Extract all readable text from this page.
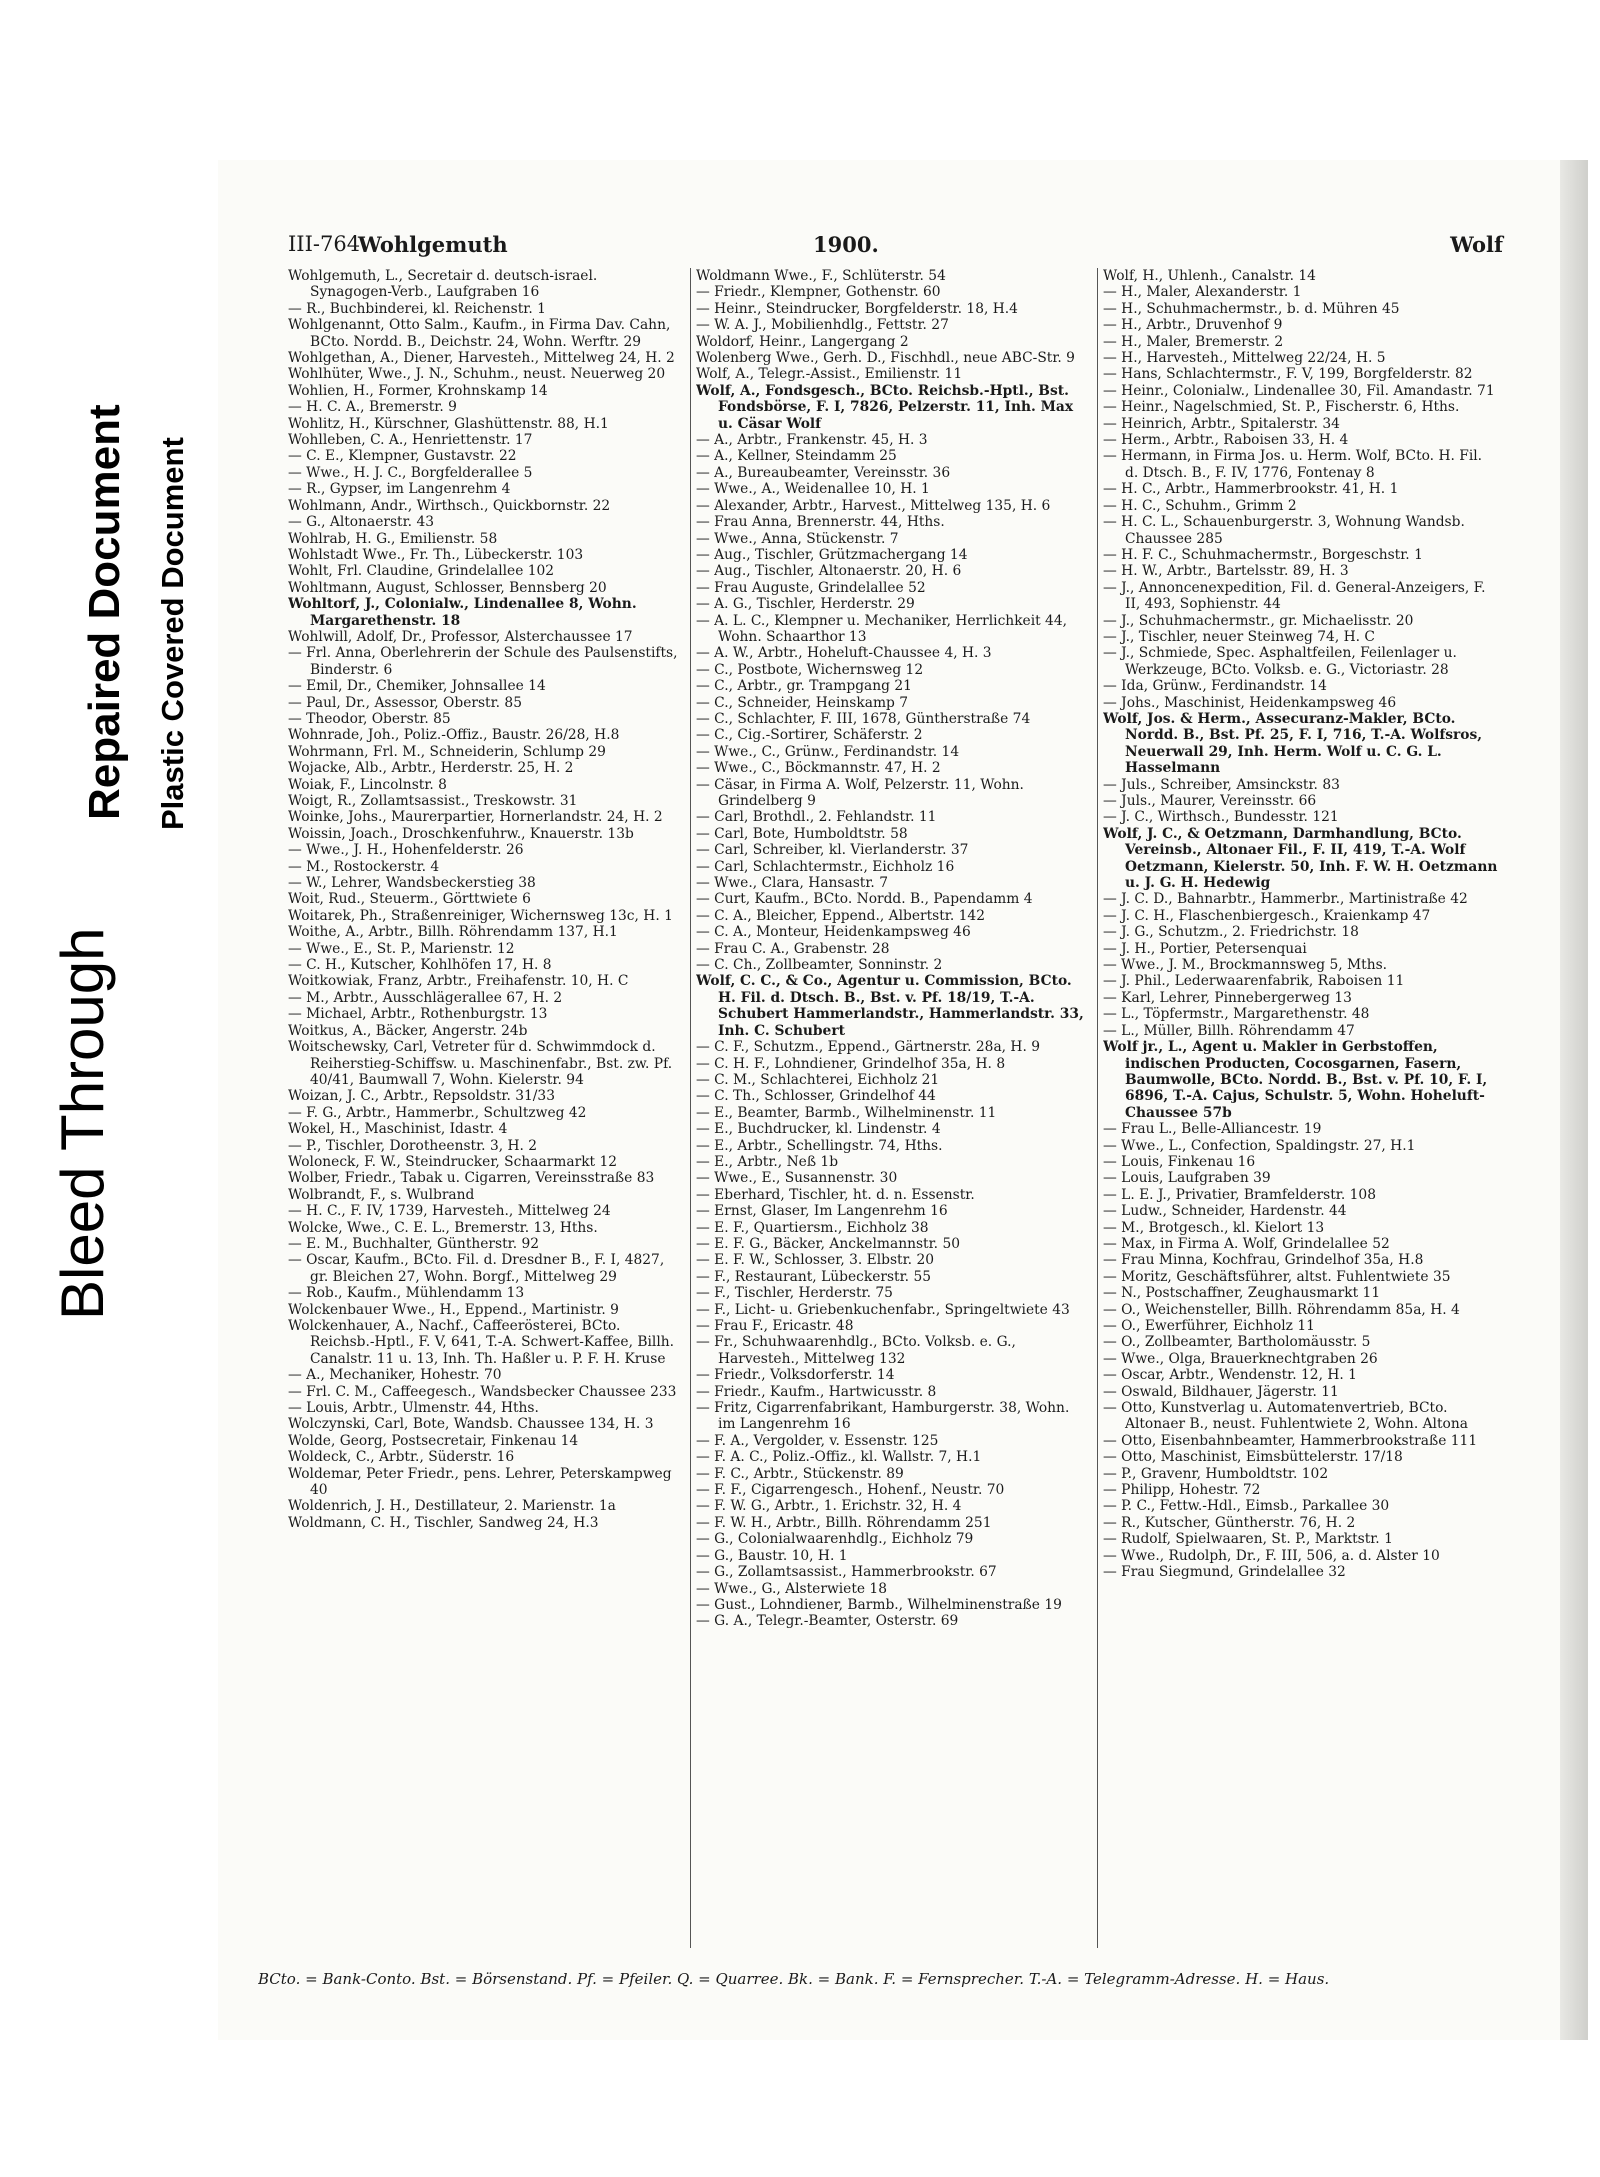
Bleed Through
Repaired Document Plastic Covered Document
III-764
Wohlgemuth	1900.	Wolf

Wohlgemuth, L., Secretair d. deutsch-israel. Synagogen-Verb., Laufgraben 16

— R., Buchbinderei, kl. Reichenstr. 1

Wohlgenannt, Otto Salm., Kaufm., in Firma Dav. Cahn, BCto. Nordd. B., Deichstr. 24, Wohn. Werftr. 29

Wohlgethan, A., Diener, Harvesteh., Mittelweg 24, H. 2

Wohlhüter, Wwe., J. N., Schuhm., neust. Neuerweg 20

Wohlien, H., Former, Krohnskamp 14

— H. C. A., Bremerstr. 9

Wohlitz, H., Kürschner, Glashüttenstr. 88, H.1

Wohlleben, C. A., Henriettenstr. 17

— C. E., Klempner, Gustavstr. 22

— Wwe., H. J. C., Borgfelderallee 5

— R., Gypser, im Langenrehm 4

Wohlmann, Andr., Wirthsch., Quickbornstr. 22

— G., Altonaerstr. 43

Wohlrab, H. G., Emilienstr. 58

Wohlstadt Wwe., Fr. Th., Lübeckerstr. 103

Wohlt, Frl. Claudine, Grindelallee 102

Wohltmann, August, Schlosser, Bennsberg 20

Wohltorf, J., Colonialw., Lindenallee 8, Wohn. Margarethenstr. 18

Wohlwill, Adolf, Dr., Professor, Alsterchaussee 17

— Frl. Anna, Oberlehrerin der Schule des Paulsenstifts, Binderstr. 6

— Emil, Dr., Chemiker, Johnsallee 14

— Paul, Dr., Assessor, Oberstr. 85

— Theodor, Oberstr. 85

Wohnrade, Joh., Poliz.-Offiz., Baustr. 26/28, H.8

Wohrmann, Frl. M., Schneiderin, Schlump 29

Wojacke, Alb., Arbtr., Herderstr. 25, H. 2

Woiak, F., Lincolnstr. 8

Woigt, R., Zollamtsassist., Treskowstr. 31

Woinke, Johs., Maurerpartier, Hornerlandstr. 24, H. 2

Woissin, Joach., Droschkenfuhrw., Knauerstr. 13b

— Wwe., J. H., Hohenfelderstr. 26

— M., Rostockerstr. 4

— W., Lehrer, Wandsbeckerstieg 38

Woit, Rud., Steuerm., Görttwiete 6

Woitarek, Ph., Straßenreiniger, Wichernsweg 13c, H. 1

Woithe, A., Arbtr., Billh. Röhrendamm 137, H.1

— Wwe., E., St. P., Marienstr. 12

— C. H., Kutscher, Kohlhöfen 17, H. 8

Woitkowiak, Franz, Arbtr., Freihafenstr. 10, H. C

— M., Arbtr., Ausschlägerallee 67, H. 2

— Michael, Arbtr., Rothenburgstr. 13

Woitkus, A., Bäcker, Angerstr. 24b

Woitschewsky, Carl, Vetreter für d. Schwimmdock d. Reiherstieg-Schiffsw. u. Maschinenfabr., Bst. zw. Pf. 40/41, Baumwall 7, Wohn. Kielerstr. 94

Woizan, J. C., Arbtr., Repsoldstr. 31/33

— F. G., Arbtr., Hammerbr., Schultzweg 42

Wokel, H., Maschinist, Idastr. 4

— P., Tischler, Dorotheenstr. 3, H. 2

Woloneck, F. W., Steindrucker, Schaarmarkt 12

Wolber, Friedr., Tabak u. Cigarren, Vereinsstraße 83

Wolbrandt, F., s. Wulbrand

— H. C., F. IV, 1739, Harvesteh., Mittelweg 24

Wolcke, Wwe., C. E. L., Bremerstr. 13, Hths.

— E. M., Buchhalter, Güntherstr. 92

— Oscar, Kaufm., BCto. Fil. d. Dresdner B., F. I, 4827, gr. Bleichen 27, Wohn. Borgf., Mittelweg 29

— Rob., Kaufm., Mühlendamm 13

Wolckenbauer Wwe., H., Eppend., Martinistr. 9

Wolckenhauer, A., Nachf., Caffeerösterei, BCto. Reichsb.-Hptl., F. V, 641, T.-A. Schwert-Kaffee, Billh. Canalstr. 11 u. 13, Inh. Th. Haßler u. P. F. H. Kruse

— A., Mechaniker, Hohestr. 70

— Frl. C. M., Caffeegesch., Wandsbecker Chaussee 233

— Louis, Arbtr., Ulmenstr. 44, Hths.

Wolczynski, Carl, Bote, Wandsb. Chaussee 134, H. 3

Wolde, Georg, Postsecretair, Finkenau 14

Woldeck, C., Arbtr., Süderstr. 16

Woldemar, Peter Friedr., pens. Lehrer, Peterskampweg 40

Woldenrich, J. H., Destillateur, 2. Marienstr. 1a

Woldmann, C. H., Tischler, Sandweg 24, H.3

Woldmann Wwe., F., Schlüterstr. 54

— Friedr., Klempner, Gothenstr. 60

— Heinr., Steindrucker, Borgfelderstr. 18, H.4

— W. A. J., Mobilienhdlg., Fettstr. 27

Woldorf, Heinr., Langergang 2

Wolenberg Wwe., Gerh. D., Fischhdl., neue ABC-Str. 9

Wolf, A., Telegr.-Assist., Emilienstr. 11

Wolf, A., Fondsgesch., BCto. Reichsb.-Hptl., Bst. Fondsbörse, F. I, 7826, Pelzerstr. 11, Inh. Max u. Cäsar Wolf

— A., Arbtr., Frankenstr. 45, H. 3

— A., Kellner, Steindamm 25

— A., Bureaubeamter, Vereinsstr. 36

— Wwe., A., Weidenallee 10, H. 1

— Alexander, Arbtr., Harvest., Mittelweg 135, H. 6

— Frau Anna, Brennerstr. 44, Hths.

— Wwe., Anna, Stückenstr. 7

— Aug., Tischler, Grützmachergang 14

— Aug., Tischler, Altonaerstr. 20, H. 6

— Frau Auguste, Grindelallee 52

— A. G., Tischler, Herderstr. 29

— A. L. C., Klempner u. Mechaniker, Herrlichkeit 44, Wohn. Schaarthor 13

— A. W., Arbtr., Hoheluft-Chaussee 4, H. 3

— C., Postbote, Wichernsweg 12

— C., Arbtr., gr. Trampgang 21

— C., Schneider, Heinskamp 7

— C., Schlachter, F. III, 1678, Güntherstraße 74

— C., Cig.-Sortirer, Schäferstr. 2

— Wwe., C., Grünw., Ferdinandstr. 14

— Wwe., C., Böckmannstr. 47, H. 2

— Cäsar, in Firma A. Wolf, Pelzerstr. 11, Wohn. Grindelberg 9

— Carl, Brothdl., 2. Fehlandstr. 11

— Carl, Bote, Humboldtstr. 58

— Carl, Schreiber, kl. Vierlanderstr. 37

— Carl, Schlachtermstr., Eichholz 16

— Wwe., Clara, Hansastr. 7

— Curt, Kaufm., BCto. Nordd. B., Papendamm 4

— C. A., Bleicher, Eppend., Albertstr. 142

— C. A., Monteur, Heidenkampsweg 46

— Frau C. A., Grabenstr. 28

— C. Ch., Zollbeamter, Sonninstr. 2

Wolf, C. C., & Co., Agentur u. Commission, BCto. H. Fil. d. Dtsch. B., Bst. v. Pf. 18/19, T.-A. Schubert Hammerlandstr., Hammerlandstr. 33, Inh. C. Schubert

— C. F., Schutzm., Eppend., Gärtnerstr. 28a, H. 9

— C. H. F., Lohndiener, Grindelhof 35a, H. 8

— C. M., Schlachterei, Eichholz 21

— C. Th., Schlosser, Grindelhof 44

— E., Beamter, Barmb., Wilhelminenstr. 11

— E., Buchdrucker, kl. Lindenstr. 4

— E., Arbtr., Schellingstr. 74, Hths.

— E., Arbtr., Neß 1b

— Wwe., E., Susannenstr. 30

— Eberhard, Tischler, ht. d. n. Essenstr.

— Ernst, Glaser, Im Langenrehm 16

— E. F., Quartiersm., Eichholz 38

— E. F. G., Bäcker, Anckelmannstr. 50

— E. F. W., Schlosser, 3. Elbstr. 20

— F., Restaurant, Lübeckerstr. 55

— F., Tischler, Herderstr. 75

— F., Licht- u. Griebenkuchenfabr., Springeltwiete 43

— Frau F., Ericastr. 48

— Fr., Schuhwaarenhdlg., BCto. Volksb. e. G., Harvesteh., Mittelweg 132

— Friedr., Volksdorferstr. 14

— Friedr., Kaufm., Hartwicusstr. 8

— Fritz, Cigarrenfabrikant, Hamburgerstr. 38, Wohn. im Langenrehm 16

— F. A., Vergolder, v. Essenstr. 125

— F. A. C., Poliz.-Offiz., kl. Wallstr. 7, H.1

— F. C., Arbtr., Stückenstr. 89

— F. F., Cigarrengesch., Hohenf., Neustr. 70

— F. W. G., Arbtr., 1. Erichstr. 32, H. 4

— F. W. H., Arbtr., Billh. Röhrendamm 251

— G., Colonialwaarenhdlg., Eichholz 79

— G., Baustr. 10, H. 1

— G., Zollamtsassist., Hammerbrookstr. 67

— Wwe., G., Alsterwiete 18

— Gust., Lohndiener, Barmb., Wilhelminenstraße 19

— G. A., Telegr.-Beamter, Osterstr. 69

Wolf, H., Uhlenh., Canalstr. 14

— H., Maler, Alexanderstr. 1

— H., Schuhmachermstr., b. d. Mühren 45

— H., Arbtr., Druvenhof 9

— H., Maler, Bremerstr. 2

— H., Harvesteh., Mittelweg 22/24, H. 5

— Hans, Schlachtermstr., F. V, 199, Borgfelderstr. 82

— Heinr., Colonialw., Lindenallee 30, Fil. Amandastr. 71

— Heinr., Nagelschmied, St. P., Fischerstr. 6, Hths.

— Heinrich, Arbtr., Spitalerstr. 34

— Herm., Arbtr., Raboisen 33, H. 4

— Hermann, in Firma Jos. u. Herm. Wolf, BCto. H. Fil. d. Dtsch. B., F. IV, 1776, Fontenay 8

— H. C., Arbtr., Hammerbrookstr. 41, H. 1

— H. C., Schuhm., Grimm 2

— H. C. L., Schauenburgerstr. 3, Wohnung Wandsb. Chaussee 285

— H. F. C., Schuhmachermstr., Borgeschstr. 1

— H. W., Arbtr., Bartelsstr. 89, H. 3

— J., Annoncenexpedition, Fil. d. General-Anzeigers, F. II, 493, Sophienstr. 44

— J., Schuhmachermstr., gr. Michaelisstr. 20

— J., Tischler, neuer Steinweg 74, H. C

— J., Schmiede, Spec. Asphaltfeilen, Feilenlager u. Werkzeuge, BCto. Volksb. e. G., Victoriastr. 28

— Ida, Grünw., Ferdinandstr. 14

— Johs., Maschinist, Heidenkampsweg 46

Wolf, Jos. & Herm., Assecuranz-Makler, BCto. Nordd. B., Bst. Pf. 25, F. I, 716, T.-A. Wolfsros, Neuerwall 29, Inh. Herm. Wolf u. C. G. L. Hasselmann

— Juls., Schreiber, Amsinckstr. 83

— Juls., Maurer, Vereinsstr. 66

— J. C., Wirthsch., Bundesstr. 121

Wolf, J. C., & Oetzmann, Darmhandlung, BCto. Vereinsb., Altonaer Fil., F. II, 419, T.-A. Wolf Oetzmann, Kielerstr. 50, Inh. F. W. H. Oetzmann u. J. G. H. Hedewig

— J. C. D., Bahnarbtr., Hammerbr., Martinistraße 42

— J. C. H., Flaschenbiergesch., Kraienkamp 47

— J. G., Schutzm., 2. Friedrichstr. 18

— J. H., Portier, Petersenquai

— Wwe., J. M., Brockmannsweg 5, Mths.

— J. Phil., Lederwaarenfabrik, Raboisen 11

— Karl, Lehrer, Pinnebergerweg 13

— L., Töpfermstr., Margarethenstr. 48

— L., Müller, Billh. Röhrendamm 47

Wolf jr., L., Agent u. Makler in Gerbstoffen, indischen Producten, Cocosgarnen, Fasern, Baumwolle, BCto. Nordd. B., Bst. v. Pf. 10, F. I, 6896, T.-A. Cajus, Schulstr. 5, Wohn. Hoheluft-Chaussee 57b

— Frau L., Belle-Alliancestr. 19

— Wwe., L., Confection, Spaldingstr. 27, H.1

— Louis, Finkenau 16

— Louis, Laufgraben 39

— L. E. J., Privatier, Bramfelderstr. 108

— Ludw., Schneider, Hardenstr. 44

— M., Brotgesch., kl. Kielort 13

— Max, in Firma A. Wolf, Grindelallee 52

— Frau Minna, Kochfrau, Grindelhof 35a, H.8

— Moritz, Geschäftsführer, altst. Fuhlentwiete 35

— N., Postschaffner, Zeughausmarkt 11

— O., Weichensteller, Billh. Röhrendamm 85a, H. 4

— O., Ewerführer, Eichholz 11

— O., Zollbeamter, Bartholomäusstr. 5

— Wwe., Olga, Brauerknechtgraben 26

— Oscar, Arbtr., Wendenstr. 12, H. 1

— Oswald, Bildhauer, Jägerstr. 11

— Otto, Kunstverlag u. Automatenvertrieb, BCto. Altonaer B., neust. Fuhlentwiete 2, Wohn. Altona

— Otto, Eisenbahnbeamter, Hammerbrookstraße 111

— Otto, Maschinist, Eimsbüttelerstr. 17/18

— P., Gravenr, Humboldtstr. 102

— Philipp, Hohestr. 72

— P. C., Fettw.-Hdl., Eimsb., Parkallee 30

— R., Kutscher, Güntherstr. 76, H. 2

— Rudolf, Spielwaaren, St. P., Marktstr. 1

— Wwe., Rudolph, Dr., F. III, 506, a. d. Alster 10

— Frau Siegmund, Grindelallee 32

BCto. = Bank-Conto. Bst. = Börsenstand. Pf. = Pfeiler. Q. = Quarree. Bk. = Bank. F. = Fernsprecher. T.-A. = Telegramm-Adresse. H. = Haus.
